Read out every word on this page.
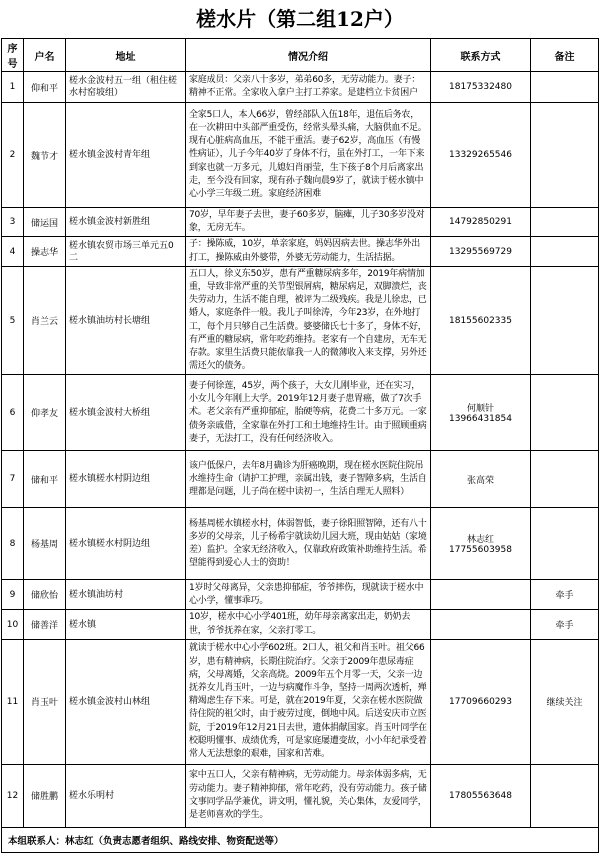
槎水片（第二组12户）
序号	户名	地址	情况介绍	联系方式	备注
1	仰和平	槎水金波村五一组（租住槎水村窑坡组）	家庭成员：父亲八十多岁，弟弟60多，无劳动能力。妻子：精神不正常。全家收入拿户主打工养家。是建档立卡贫困户	18175332480	

2	魏节才	槎水镇金波村青年组	全家5口人，本人66岁，曾经部队入伍18年，退伍后务农，在一次耕田中头部严重受伤，经常头晕头痛，大脑供血不足。现有心脏病高血压，不能干重活。妻子62岁，高血压（有慢性病证），儿子今年40岁了身体不行，虽在外打工，一年下来到家也就一万多元，儿媳妇肖丽莹，生下孩子8个月后离家出走，至今没有回家，现有孙子魏向晨9岁了，就读于槎水镇中心小学三年级二班。家庭经济困难	13329265546	

3	储运国	槎水镇金波村新胜组	70岁，早年妻子去世，妻子60多岁，脑瘫，儿子30多岁没对象，无房无车。	14792850291	

4	操志华	槎水镇农贸市场三单元五0二	子：操陈威，10岁，单亲家庭，妈妈因病去世。操志华外出打工，操陈威由外婆带，外婆无劳动能力，生活拮据。	13295569729	

5	肖兰云	槎水镇油坊村长塘组	五口人，徐义东50岁，患有严重糖尿病多年，2019年病情加重，导致非常严重的关节型银屑病，糖尿病足，双脚溃烂，丧失劳动力，生活不能自理，被评为二级残疾。我是儿徐忠，已婚人，家庭条件一般。我儿子叫徐涛，今年23岁，在外地打工，每个月只够自己生活费。婆婆储氏七十多了，身体不好，有严重的糖尿病，常年吃药维持。老家有一个自建房，无车无存款。家里生活费只能依靠我一人的微薄收入来支撑，另外还需还欠的债务。	18155602335	

6	仰孝友	槎水镇金波村大桥组	妻子何徐莲，45岁，两个孩子，大女儿刚毕业，还在实习，小女儿今年刚上大学。2019年12月妻子患胃癌，做了7次手术。老父亲有严重抑郁症，胎硬等病，花费二十多万元。一家债务亲戚借，全家靠在外打工和土地维持生计。由于照顾重病妻子，无法打工，没有任何经济收入。	何顺针
13966431854	

7	储和平	槎水镇槎水村阴边组	该户低保户，去年8月确诊为肝癌晚期，现在槎水医院住院吊水维持生命（请护工护理，亲属出钱，妻子智障多病，生活自理都是问题，儿子尚在槎中读初一，生活自理无人照料）	张高荣	

8	杨基周	槎水镇槎水村阴边组	杨基周槎水镇槎水村，体弱智低，妻子徐阳照智障，还有八十多岁的父母亲，儿子杨希宇就读幼儿园大班，现由姑姑（家境差）监护。全家无经济收入，仅靠政府政策补助维持生活。希望能得到爱心人士的资助！	林志红
17755603958	

9	储欣怡	槎水镇油坊村	1岁时父母离异，父亲患抑郁症，爷爷摔伤，现就读于槎水中心小学，懂事乖巧。		牵手
10	储善洋	槎水镇	10岁，槎水中心小学401班，幼年母亲离家出走，奶奶去世，爷爷抚养在家，父亲打零工。		牵手
11	肖玉叶	槎水镇金波村山林组	就读于槎水中心小学602班。2口人，祖父和肖玉叶。祖父66岁，患有精神病，长期住院治疗。父亲于2009年患尿毒症病，父母离婚，父亲高烧。2009年五个月零一天，父亲一边抚养女儿肖玉叶，一边与病魔作斗争，坚持一周两次透析，殚精竭虑生存下来。可是，就在2019年夏，父亲在槎水医院做待住院的祖父时，由于疲劳过度，倒地中风。后送安庆市立医院，于2019年12月21日去世，遗体捐献国家。肖玉叶同学在校聪明懂事、成绩优秀，可是家庭屡遭变故，小小年纪承受着常人无法想象的艰难，国家和苦难。	17709660293	继续关注
12	储胜鹏	槎水乐明村	家中五口人，父亲有精神病，无劳动能力。母亲体弱多病，无劳动能力。妻子精神抑郁，常年吃药，没有劳动能力。孩子储文事同学品学兼优，讲文明，懂礼貌，关心集体，友爱同学，是老师喜欢的学生。	17805563648	

本组联系人：林志红（负责志愿者组织、路线安排、物资配送等）					
